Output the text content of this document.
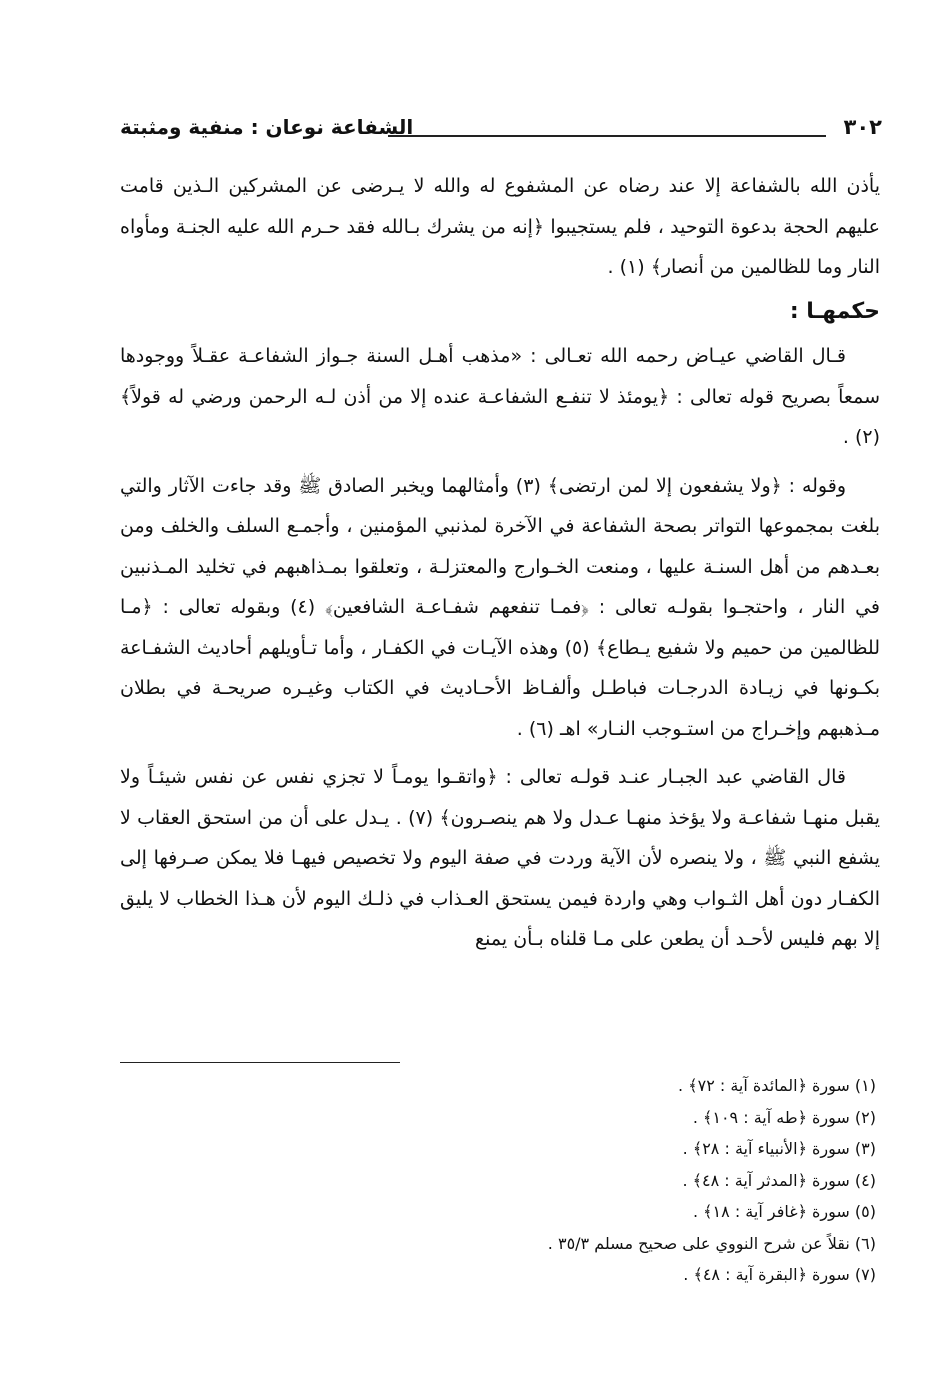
٣٠٢
الشفاعة نوعان : منفية ومثبتة

يأذن الله بالشفاعة إلا عند رضاه عن المشفوع له والله لا يـرضى عن المشركين الـذين قامت عليهم الحجة بدعوة التوحيد ، فلم يستجيبوا ﴿إنه من يشرك بـالله فقد حـرم الله عليه الجنـة ومأواه النار وما للظالمين من أنصار﴾ (١) .

حكمهـا :

قـال القاضي عيـاض رحمه الله تعـالى : «مذهب أهـل السنة جـواز الشفاعـة عقـلاً ووجودها سمعاً بصريح قوله تعالى : ﴿يومئذ لا تنفـع الشفاعـة عنده إلا من أذن لـه الرحمن ورضي له قولاً﴾ (٢) .

وقوله : ﴿ولا يشفعون إلا لمن ارتضى﴾ (٣) وأمثالهما ويخبر الصادق ﷺ وقد جاءت الآثار والتي بلغت بمجموعها التواتر بصحة الشفاعة في الآخرة لمذنبي المؤمنين ، وأجمـع السلف والخلف ومن بعـدهم من أهل السنـة عليها ، ومنعت الخـوارج والمعتزلـة ، وتعلقوا بمـذاهبهم في تخليد المـذنبين في النار ، واحتجـوا بقولـه تعالى : ﴿فمـا تنفعهم شفـاعـة الشافعين﴾ (٤) وبقوله تعالى : ﴿مـا للظالمين من حميم ولا شفيع يـطاع﴾ (٥) وهذه الآيـات في الكفـار ، وأما تـأويلهم أحاديث الشفـاعة بكـونها في زيـادة الدرجـات فباطـل وألفـاظ الأحـاديث في الكتاب وغيـره صريحـة في بطلان مـذهبهم وإخـراج من استـوجب النـار» اهـ (٦) .

قال القاضي عبد الجبـار عنـد قولـه تعالى : ﴿واتقـوا يومـاً لا تجزي نفس عن نفس شيئـاً ولا يقبل منهـا شفاعـة ولا يؤخذ منهـا عـدل ولا هم ينصـرون﴾ (٧) . يـدل على أن من استحق العقاب لا يشفع النبي ﷺ ، ولا ينصره لأن الآية وردت في صفة اليوم ولا تخصيص فيهـا فلا يمكن صـرفها إلى الكفـار دون أهل الثـواب وهي واردة فيمن يستحق العـذاب في ذلـك اليوم لأن هـذا الخطاب لا يليق إلا بهم فليس لأحـد أن يطعن على مـا قلناه بـأن يمنع

(١) سورة ﴿المائدة آية : ٧٢﴾ .
(٢) سورة ﴿طه آية : ١٠٩﴾ .
(٣) سورة ﴿الأنبياء آية : ٢٨﴾ .
(٤) سورة ﴿المدثر آية : ٤٨﴾ .
(٥) سورة ﴿غافر آية : ١٨﴾ .
(٦) نقلاً عن شرح النووي على صحيح مسلم ٣٥/٣ .
(٧) سورة ﴿البقرة آية : ٤٨﴾ .
